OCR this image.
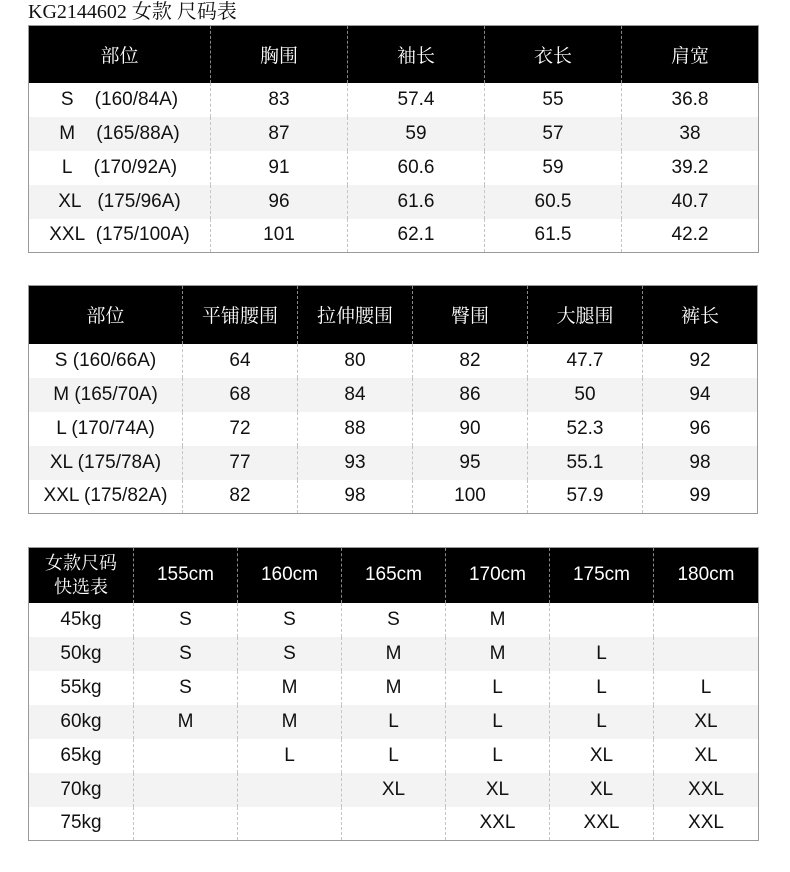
KG2144602 女款 尺码表
部位	胸围	袖长	衣长	肩宽
S (160/84A)	83	57.4	55	36.8
M (165/88A)	87	59	57	38
L (170/92A)	91	60.6	59	39.2
XL (175/96A)	96	61.6	60.5	40.7
XXL (175/100A)	101	62.1	61.5	42.2
部位	平铺腰围	拉伸腰围	臀围	大腿围	裤长
S (160/66A)	64	80	82	47.7	92
M (165/70A)	68	84	86	50	94
L (170/74A)	72	88	90	52.3	96
XL (175/78A)	77	93	95	55.1	98
XXL (175/82A)	82	98	100	57.9	99
女款尺码
快选表	155cm	160cm	165cm	170cm	175cm	180cm
45kg	S	S	S	M		
50kg	S	S	M	M	L	
55kg	S	M	M	L	L	L
60kg	M	M	L	L	L	XL
65kg		L	L	L	XL	XL
70kg			XL	XL	XL	XXL
75kg				XXL	XXL	XXL
